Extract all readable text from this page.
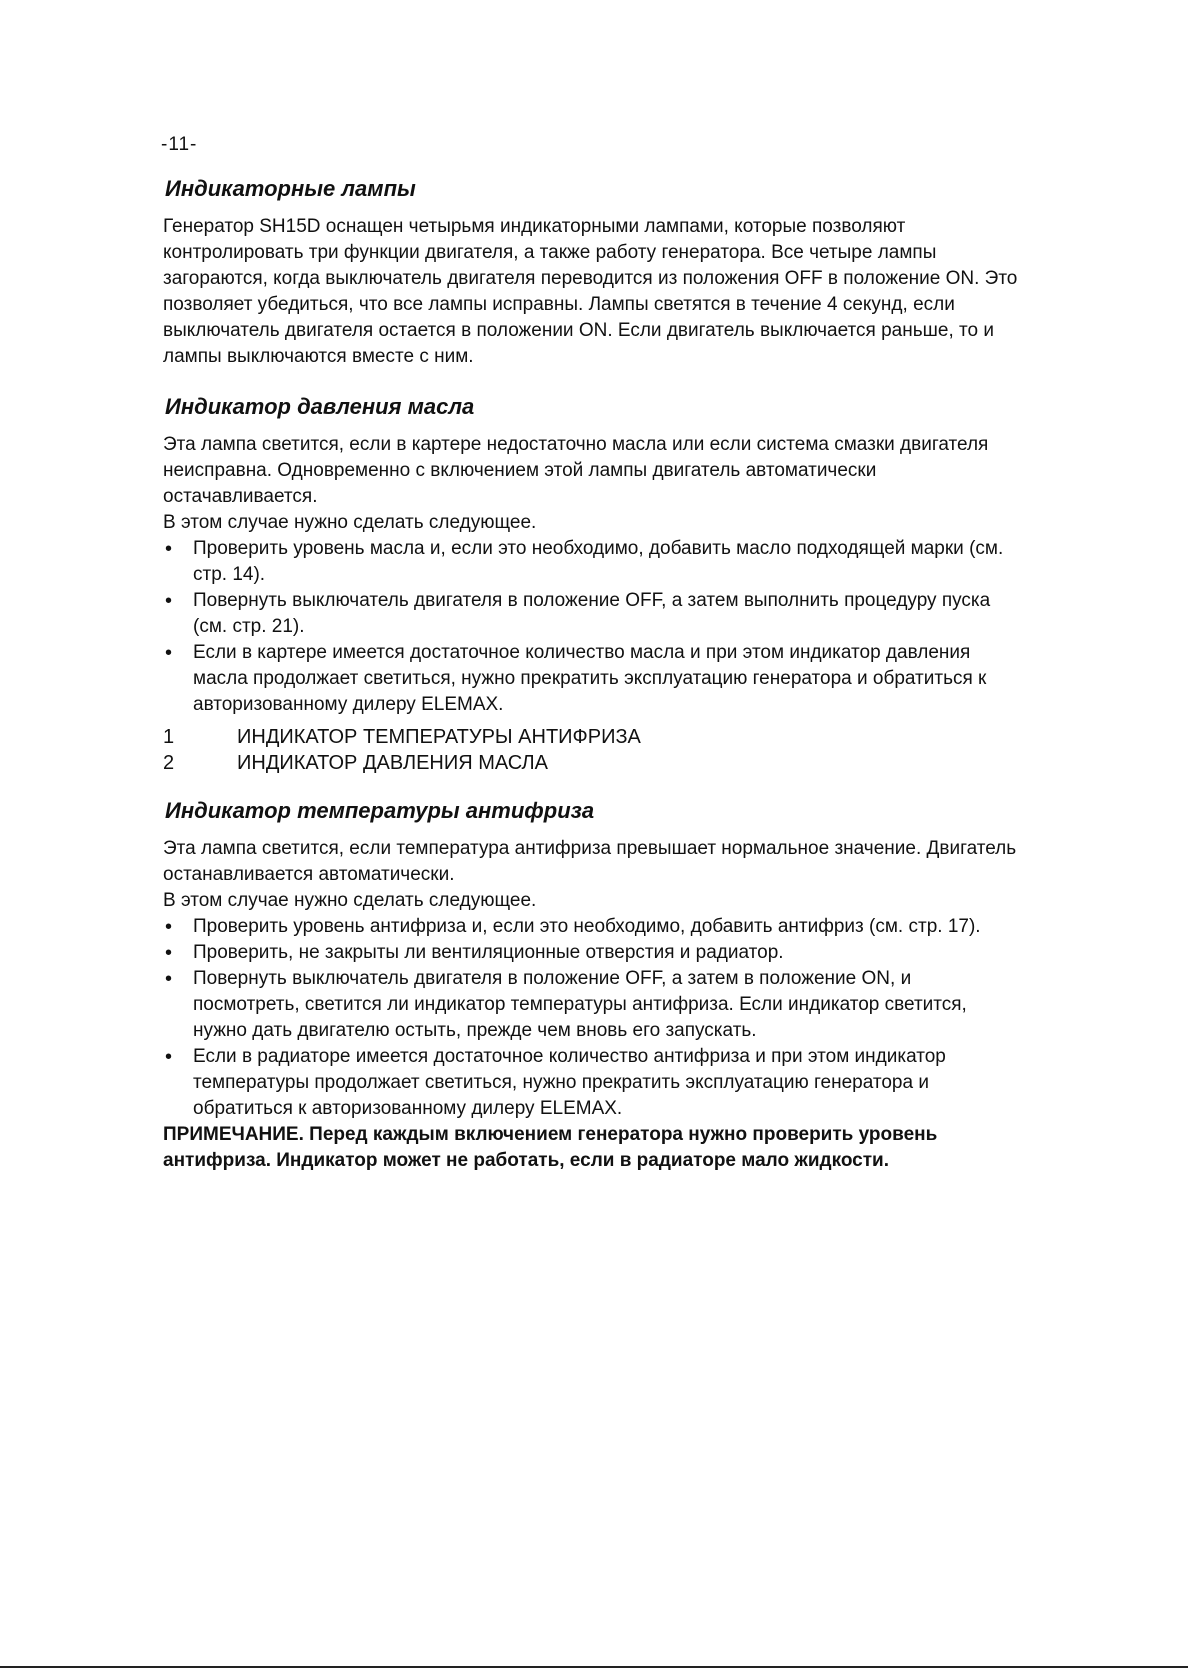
-11-
Индикаторные лампы

Генератор SH15D оснащен четырьмя индикаторными лампами, которые позволяют контролировать три функции двигателя, а также работу генератора. Все четыре лампы загораются, когда выключатель двигателя переводится из положения OFF в положение ON. Это позволяет убедиться, что все лампы исправны. Лампы светятся в течение 4 секунд, если выключатель двигателя остается в положении ON. Если двигатель выключается раньше, то и лампы выключаются вместе с ним.

Индикатор давления масла

Эта лампа светится, если в картере недостаточно масла или если система смазки двигателя неисправна. Одновременно с включением этой лампы двигатель автоматически остачавливается.

В этом случае нужно сделать следующее.

• Проверить уровень масла и, если это необходимо, добавить масло подходящей марки (см. стр. 14).
• Повернуть выключатель двигателя в положение OFF, а затем выполнить процедуру пуска (см. стр. 21).
• Если в картере имеется достаточное количество масла и при этом индикатор давления масла продолжает светиться, нужно прекратить эксплуатацию генератора и обратиться к авторизованному дилеру ELEMAX.
1	ИНДИКАТОР ТЕМПЕРАТУРЫ АНТИФРИЗА
2	ИНДИКАТОР ДАВЛЕНИЯ МАСЛА
Индикатор температуры антифриза

Эта лампа светится, если температура антифриза превышает нормальное значение. Двигатель останавливается автоматически.

В этом случае нужно сделать следующее.

• Проверить уровень антифриза и, если это необходимо, добавить антифриз (см. стр. 17).
• Проверить, не закрыты ли вентиляционные отверстия и радиатор.
• Повернуть выключатель двигателя в положение OFF, а затем в положение ON, и посмотреть, светится ли индикатор температуры антифриза. Если индикатор светится, нужно дать двигателю остыть, прежде чем вновь его запускать.
• Если в радиаторе имеется достаточное количество антифриза и при этом индикатор температуры продолжает светиться, нужно прекратить эксплуатацию генератора и обратиться к авторизованному дилеру ELEMAX.

ПРИМЕЧАНИЕ. Перед каждым включением генератора нужно проверить уровень антифриза. Индикатор может не работать, если в радиаторе мало жидкости.
